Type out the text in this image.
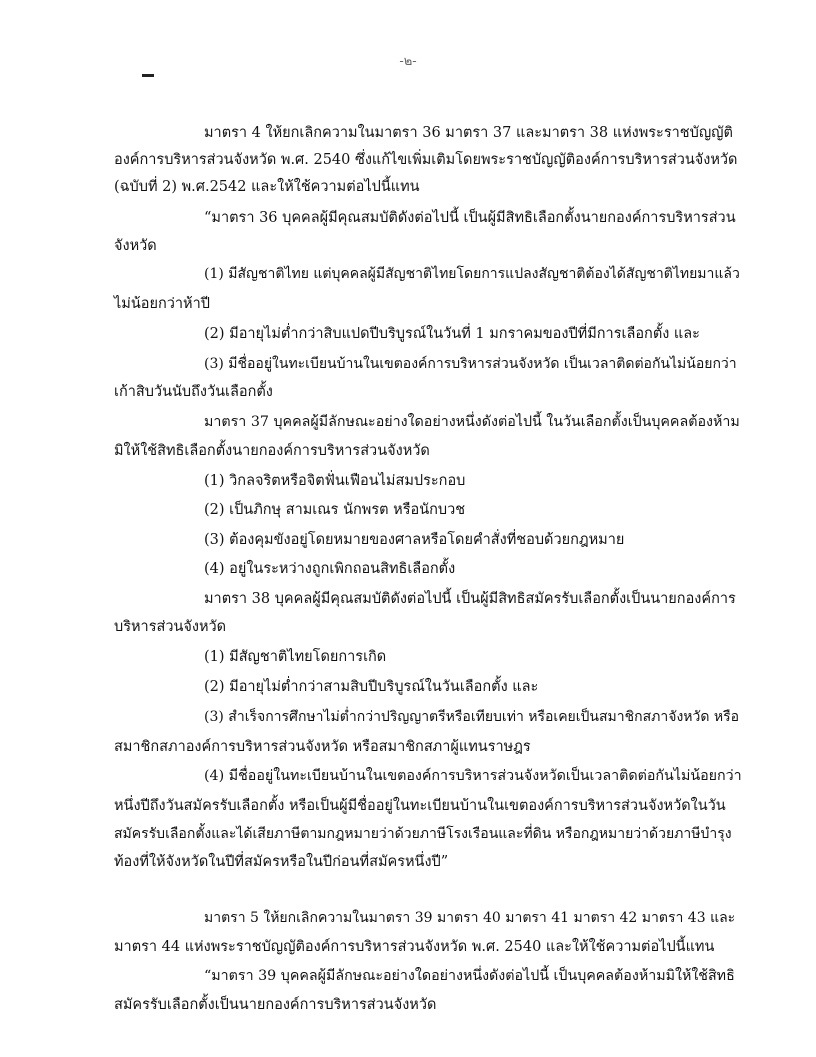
-๒-
มาตรา 4 ให้ยกเลิกความในมาตรา 36 มาตรา 37 และมาตรา 38 แห่งพระราชบัญญัติ
องค์การบริหารส่วนจังหวัด พ.ศ. 2540 ซึ่งแก้ไขเพิ่มเติมโดยพระราชบัญญัติองค์การบริหารส่วนจังหวัด
(ฉบับที่ 2) พ.ศ.2542 และให้ใช้ความต่อไปนี้แทน
“มาตรา 36 บุคคลผู้มีคุณสมบัติดังต่อไปนี้ เป็นผู้มีสิทธิเลือกตั้งนายกองค์การบริหารส่วน
จังหวัด
(1) มีสัญชาติไทย แต่บุคคลผู้มีสัญชาติไทยโดยการแปลงสัญชาติต้องได้สัญชาติไทยมาแล้ว
ไม่น้อยกว่าห้าปี
(2) มีอายุไม่ต่ำกว่าสิบแปดปีบริบูรณ์ในวันที่ 1 มกราคมของปีที่มีการเลือกตั้ง และ
(3) มีชื่ออยู่ในทะเบียนบ้านในเขตองค์การบริหารส่วนจังหวัด เป็นเวลาติดต่อกันไม่น้อยกว่า
เก้าสิบวันนับถึงวันเลือกตั้ง
มาตรา 37 บุคคลผู้มีลักษณะอย่างใดอย่างหนึ่งดังต่อไปนี้ ในวันเลือกตั้งเป็นบุคคลต้องห้าม
มิให้ใช้สิทธิเลือกตั้งนายกองค์การบริหารส่วนจังหวัด
(1) วิกลจริตหรือจิตฟั่นเฟือนไม่สมประกอบ
(2) เป็นภิกษุ สามเณร นักพรต หรือนักบวช
(3) ต้องคุมขังอยู่โดยหมายของศาลหรือโดยคำสั่งที่ชอบด้วยกฎหมาย
(4) อยู่ในระหว่างถูกเพิกถอนสิทธิเลือกตั้ง
มาตรา 38 บุคคลผู้มีคุณสมบัติดังต่อไปนี้ เป็นผู้มีสิทธิสมัครรับเลือกตั้งเป็นนายกองค์การ
บริหารส่วนจังหวัด
(1) มีสัญชาติไทยโดยการเกิด
(2) มีอายุไม่ต่ำกว่าสามสิบปีบริบูรณ์ในวันเลือกตั้ง และ
(3) สำเร็จการศึกษาไม่ต่ำกว่าปริญญาตรีหรือเทียบเท่า หรือเคยเป็นสมาชิกสภาจังหวัด หรือ
สมาชิกสภาองค์การบริหารส่วนจังหวัด หรือสมาชิกสภาผู้แทนราษฎร
(4) มีชื่ออยู่ในทะเบียนบ้านในเขตองค์การบริหารส่วนจังหวัดเป็นเวลาติดต่อกันไม่น้อยกว่า
หนึ่งปีถึงวันสมัครรับเลือกตั้ง หรือเป็นผู้มีชื่ออยู่ในทะเบียนบ้านในเขตองค์การบริหารส่วนจังหวัดในวัน
สมัครรับเลือกตั้งและได้เสียภาษีตามกฎหมายว่าด้วยภาษีโรงเรือนและที่ดิน หรือกฎหมายว่าด้วยภาษีบำรุง
ท้องที่ให้จังหวัดในปีที่สมัครหรือในปีก่อนที่สมัครหนึ่งปี”
มาตรา 5 ให้ยกเลิกความในมาตรา 39 มาตรา 40 มาตรา 41 มาตรา 42 มาตรา 43 และ
มาตรา 44 แห่งพระราชบัญญัติองค์การบริหารส่วนจังหวัด พ.ศ. 2540 และให้ใช้ความต่อไปนี้แทน
“มาตรา 39 บุคคลผู้มีลักษณะอย่างใดอย่างหนึ่งดังต่อไปนี้ เป็นบุคคลต้องห้ามมิให้ใช้สิทธิ
สมัครรับเลือกตั้งเป็นนายกองค์การบริหารส่วนจังหวัด
